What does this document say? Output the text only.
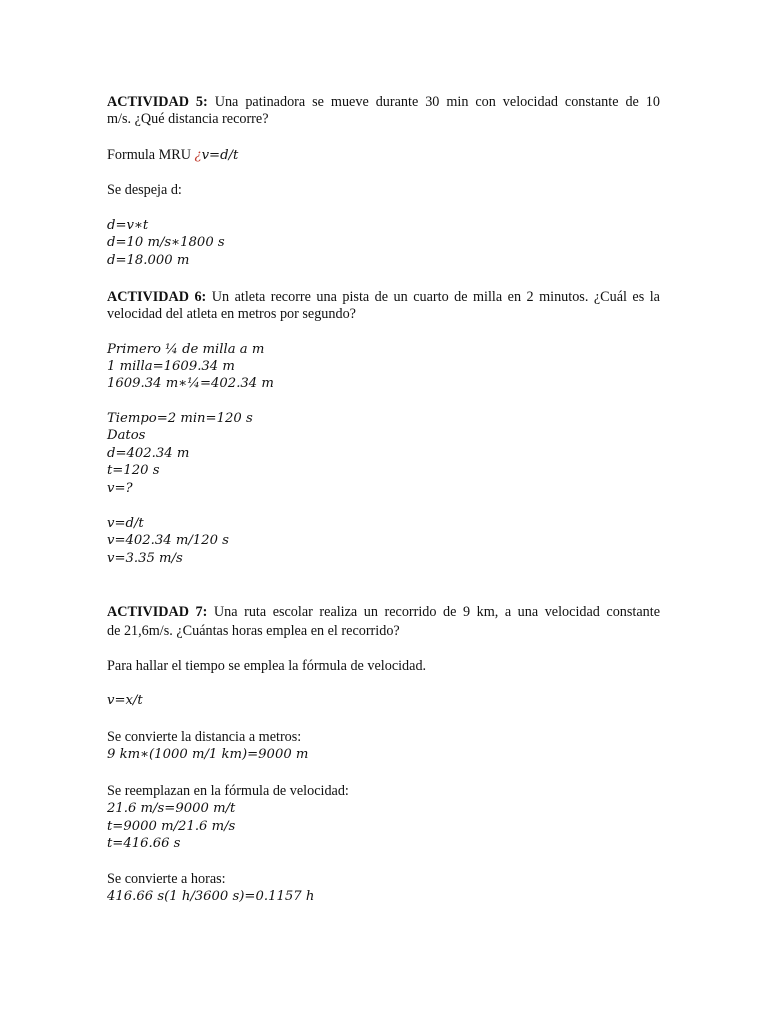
ACTIVIDAD 5: Una patinadora se mueve durante 30 min con velocidad constante de 10
m/s. ¿Qué distancia recorre?
Formula MRU ¿v=d/t
Se despeja d:
d=v∗t
d=10 m/s∗1800 s
d=18.000 m
ACTIVIDAD 6: Un atleta recorre una pista de un cuarto de milla en 2 minutos. ¿Cuál es la
velocidad del atleta en metros por segundo?
Primero ¼ de milla a m
1 milla=1609.34 m
1609.34 m∗¼=402.34 m
Tiempo=2 min=120 s
Datos
d=402.34 m
t=120 s
v=?
v=d/t
v=402.34 m/120 s
v=3.35 m/s
ACTIVIDAD 7: Una ruta escolar realiza un recorrido de 9 km, a una velocidad constante
de 21,6m/s. ¿Cuántas horas emplea en el recorrido?
Para hallar el tiempo se emplea la fórmula de velocidad.
v=x/t
Se convierte la distancia a metros:
9 km∗(1000 m/1 km)=9000 m
Se reemplazan en la fórmula de velocidad:
21.6 m/s=9000 m/t
t=9000 m/21.6 m/s
t=416.66 s
Se convierte a horas:
416.66 s(1 h/3600 s)=0.1157 h
